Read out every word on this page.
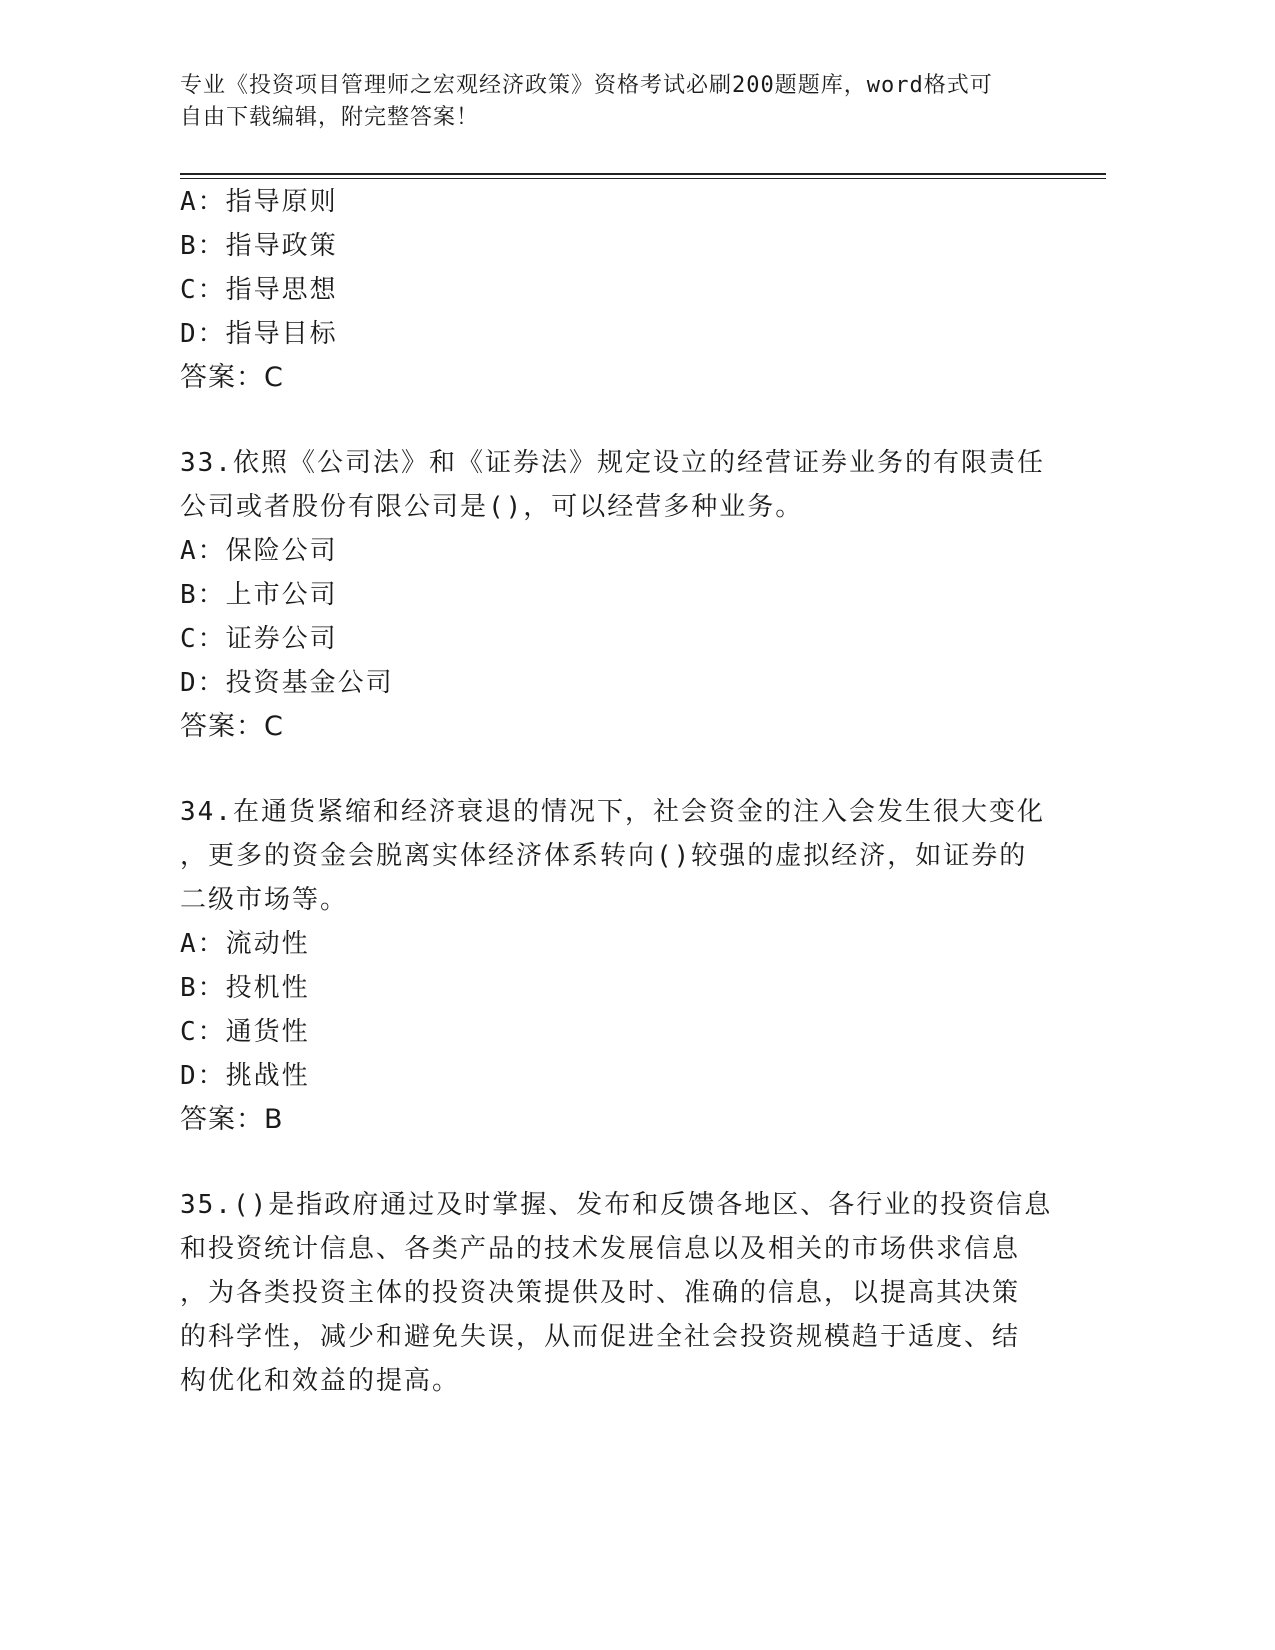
专业《投资项目管理师之宏观经济政策》资格考试必刷200题题库，word格式可
自由下载编辑，附完整答案！
A：指导原则
B：指导政策
C：指导思想
D：指导目标
答案：C
33.依照《公司法》和《证券法》规定设立的经营证券业务的有限责任
公司或者股份有限公司是()，可以经营多种业务。
A：保险公司
B：上市公司
C：证券公司
D：投资基金公司
答案：C
34.在通货紧缩和经济衰退的情况下，社会资金的注入会发生很大变化
，更多的资金会脱离实体经济体系转向()较强的虚拟经济，如证券的
二级市场等。
A：流动性
B：投机性
C：通货性
D：挑战性
答案：B
35.()是指政府通过及时掌握、发布和反馈各地区、各行业的投资信息
和投资统计信息、各类产品的技术发展信息以及相关的市场供求信息
，为各类投资主体的投资决策提供及时、准确的信息，以提高其决策
的科学性，减少和避免失误，从而促进全社会投资规模趋于适度、结
构优化和效益的提高。
